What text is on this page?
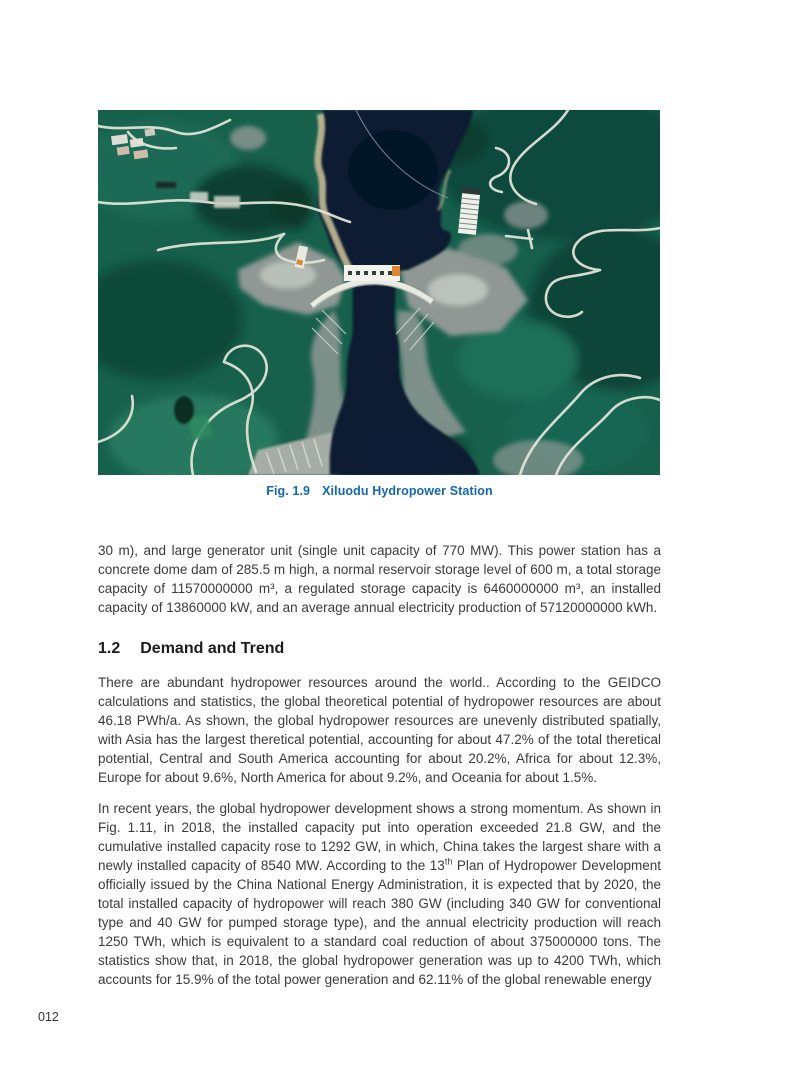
Fig. 1.9 Xiluodu Hydropower Station

30 m), and large generator unit (single unit capacity of 770 MW). This power station has a concrete dome dam of 285.5 m high, a normal reservoir storage level of 600 m, a total storage capacity of 11570000000 m³, a regulated storage capacity is 6460000000 m³, an installed capacity of 13860000 kW, and an average annual electricity production of 57120000000 kWh.

1.2 Demand and Trend

There are abundant hydropower resources around the world.. According to the GEIDCO calculations and statistics, the global theoretical potential of hydropower resources are about 46.18 PWh/a. As shown, the global hydropower resources are unevenly distributed spatially, with Asia has the largest theretical potential, accounting for about 47.2% of the total theretical potential, Central and South America accounting for about 20.2%, Africa for about 12.3%, Europe for about 9.6%, North America for about 9.2%, and Oceania for about 1.5%.

In recent years, the global hydropower development shows a strong momentum. As shown in Fig. 1.11, in 2018, the installed capacity put into operation exceeded 21.8 GW, and the cumulative installed capacity rose to 1292 GW, in which, China takes the largest share with a newly installed capacity of 8540 MW. According to the 13th Plan of Hydropower Development officially issued by the China National Energy Administration, it is expected that by 2020, the total installed capacity of hydropower will reach 380 GW (including 340 GW for conventional type and 40 GW for pumped storage type), and the annual electricity production will reach 1250 TWh, which is equivalent to a standard coal reduction of about 375000000 tons. The statistics show that, in 2018, the global hydropower generation was up to 4200 TWh, which accounts for 15.9% of the total power generation and 62.11% of the global renewable energy

012
